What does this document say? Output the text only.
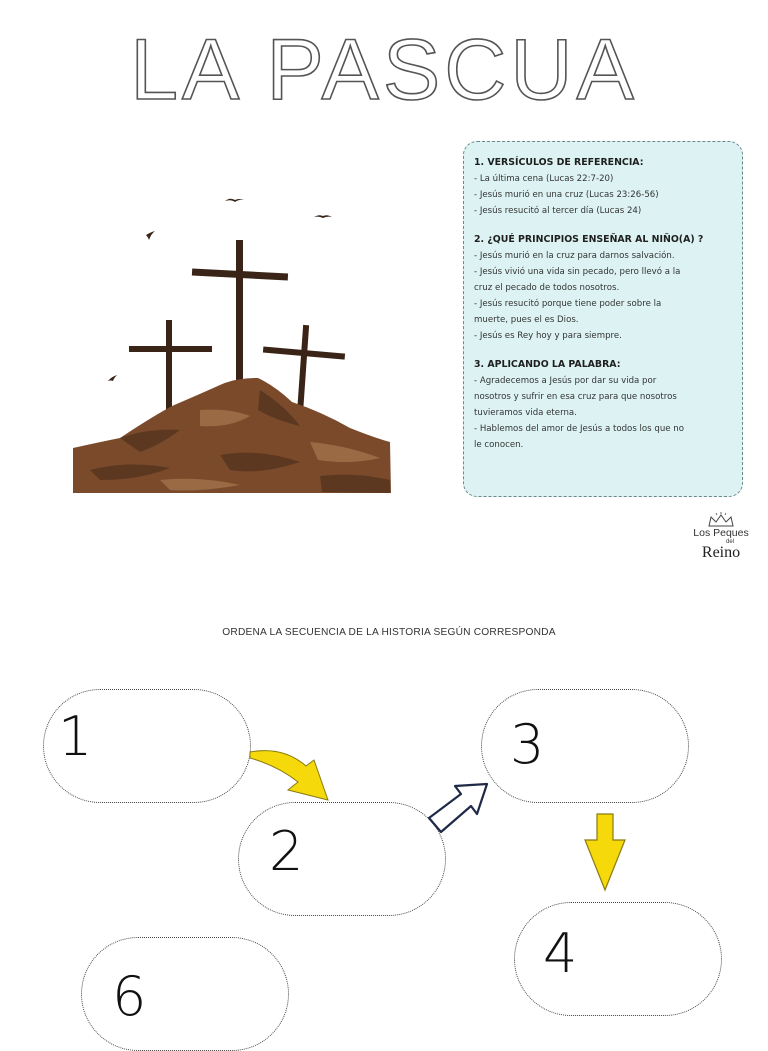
LA PASCUA
1. VERSÍCULOS DE REFERENCIA:
- La última cena (Lucas 22:7-20)
- Jesús murió en una cruz (Lucas 23:26-56)
- Jesús resucitó al tercer día (Lucas 24)
2. ¿QUÉ PRINCIPIOS ENSEÑAR AL NIÑO(A) ?
- Jesús murió en la cruz para darnos salvación.
- Jesús vivió una vida sin pecado, pero llevó a la
cruz el pecado de todos nosotros.
- Jesús resucitó porque tiene poder sobre la
muerte, pues el es Dios.
- Jesús es Rey hoy y para siempre.
3. APLICANDO LA PALABRA:
- Agradecemos a Jesús por dar su vida por
nosotros y sufrir en esa cruz para que nosotros
tuvieramos vida eterna.
- Hablemos del amor de Jesús a todos los que no
le conocen.
Los Peques
del
Reino
ORDENA LA SECUENCIA DE LA HISTORIA SEGÚN CORRESPONDA
1
2
3
4
6
